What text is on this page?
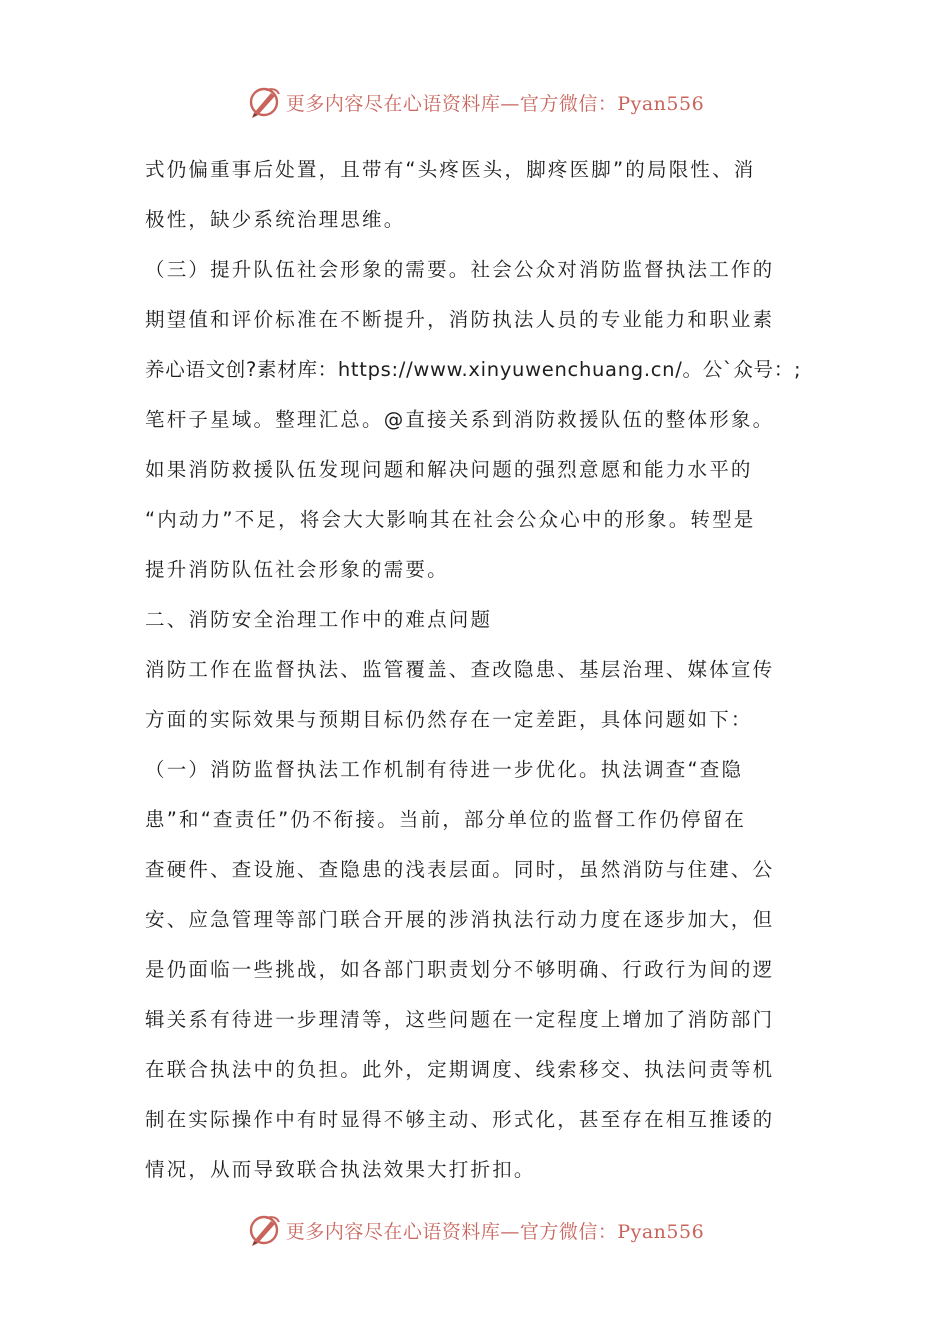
更多内容尽在心语资料库—官方微信：Pyan556
式仍偏重事后处置，且带有“头疼医头，脚疼医脚”的局限性、消
极性，缺少系统治理思维。
（三）提升队伍社会形象的需要。社会公众对消防监督执法工作的
期望值和评价标准在不断提升，消防执法人员的专业能力和职业素
养心语文创?素材库：https://www.xinyuwenchuang.cn/。公`众号：;
笔杆子星域。整理汇总。@直接关系到消防救援队伍的整体形象。
如果消防救援队伍发现问题和解决问题的强烈意愿和能力水平的
“内动力”不足，将会大大影响其在社会公众心中的形象。转型是
提升消防队伍社会形象的需要。
二、消防安全治理工作中的难点问题
消防工作在监督执法、监管覆盖、查改隐患、基层治理、媒体宣传
方面的实际效果与预期目标仍然存在一定差距，具体问题如下：
（一）消防监督执法工作机制有待进一步优化。执法调查“查隐
患”和“查责任”仍不衔接。当前，部分单位的监督工作仍停留在
查硬件、查设施、查隐患的浅表层面。同时，虽然消防与住建、公
安、应急管理等部门联合开展的涉消执法行动力度在逐步加大，但
是仍面临一些挑战，如各部门职责划分不够明确、行政行为间的逻
辑关系有待进一步理清等，这些问题在一定程度上增加了消防部门
在联合执法中的负担。此外，定期调度、线索移交、执法问责等机
制在实际操作中有时显得不够主动、形式化，甚至存在相互推诿的
情况，从而导致联合执法效果大打折扣。
更多内容尽在心语资料库—官方微信：Pyan556
